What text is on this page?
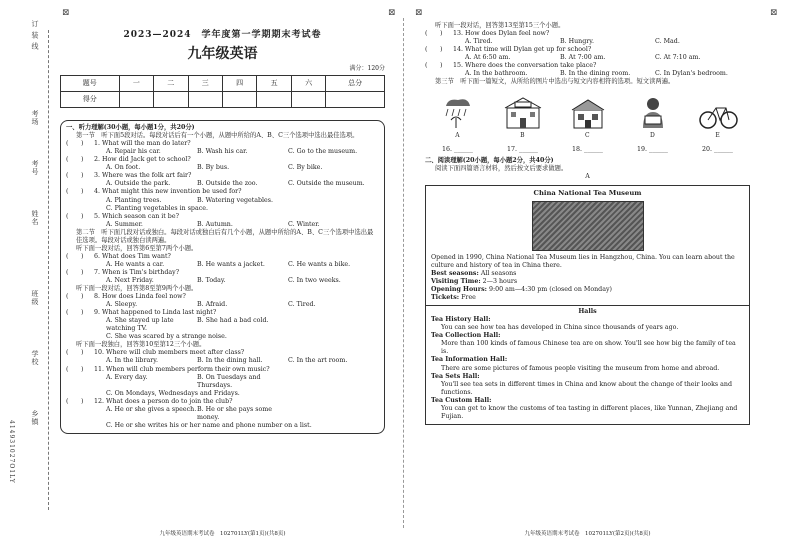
订 装 线
考场
考号
姓名
班级
学校
乡镇
414931027O1LY
⊠	⊠ ⊠	⊠
2023—2024　学年度第一学期期末考试卷
九年级英语
满分：120分
题号	一	二	三	四	五	六	总分
得分							
一、听力理解(30小题，每小题1分，共20分)
第一节　听下面5段对话。每段对话后有一个小题，从题中所给的A、B、C三个选项中选出最佳选项。
(　　)	1. What will the man do later?
A. Repair his car.	B. Wash his car.	C. Go to the museum.
(　　)	2. How did Jack get to school?
A. On foot.	B. By bus.	C. By bike.
(　　)	3. Where was the folk art fair?
A. Outside the park.	B. Outside the zoo.	C. Outside the museum.
(　　)	4. What might this new invention be used for?
A. Planting trees.	B. Watering vegetables.
C. Planting vegetables in space.
(　　)	5. Which season can it be?
A. Summer.	B. Autumn.	C. Winter.
第二节　听下面几段对话或独白。每段对话或独白后有几个小题，从题中所给的A、B、C三个选项中选出最佳选项。每段对话或独白读两遍。
听下面一段对话，回答第6至第7两个小题。
(　　)	6. What does Tim want?
A. He wants a car.	B. He wants a jacket.	C. He wants a bike.
(　　)	7. When is Tim's birthday?
A. Next Friday.	B. Today.	C. In two weeks.
听下面一段对话，回答第8至第9两个小题。
(　　)	8. How does Linda feel now?
A. Sleepy.	B. Afraid.	C. Tired.
(　　)	9. What happened to Linda last night?
A. She stayed up late watching TV.
B. She had a bad cold.
C. She was scared by a strange noise.
听下面一段独白，回答第10至第12三个小题。
(　　)	10. Where will club members meet after class?
A. In the library.	B. In the dining hall.	C. In the art room.
(　　)	11. When will club members perform their own music?
A. Every day.	B. On Tuesdays and Thursdays.
C. On Mondays, Wednesdays and Fridays.
(　　)	12. What does a person do to join the club?
A. He or she gives a speech. B. He or she pays some money.
C. He or she writes his or her name and phone number on a list.
九年级英语期末考试卷　102701LY(第1页)(共8页)
听下面一段对话，回答第13至第15三个小题。
(　　)	13. How does Dylan feel now?
A. Tired.	B. Hungry.	C. Mad.
(　　)	14. What time will Dylan get up for school?
A. At 6:50 am.	B. At 7:00 am.	C. At 7:10 am.
(　　)	15. Where does the conversation take place?
A. In the bathroom.	B. In the dining room.	C. In Dylan's bedroom.
第三节　听下面一篇短文，从所给的图片中选出与短文内容相符的选项。短文读两遍。
A	B	C	D	E
16. ______	17. ______	18. ______	19. ______	20. ______
二、阅读理解(20小题，每小题2分，共40分)
阅读下面四篇语言材料，然后按文后要求做题。
A
China National Tea Museum
Opened in 1990, China National Tea Museum lies in Hangzhou, China. You can learn about the culture and history of tea in China there.
Best seasons: All seasons
Visiting Time: 2—3 hours
Opening Hours: 9:00 am—4:30 pm (closed on Monday)
Tickets: Free
Halls
Tea History Hall:
You can see how tea has developed in China since thousands of years ago.
Tea Collection Hall:
More than 100 kinds of famous Chinese tea are on show. You'll see how big the family of tea is.
Tea Information Hall:
There are some pictures of famous people visiting the museum from home and abroad.
Tea Sets Hall:
You'll see tea sets in different times in China and know about the change of their looks and functions.
Tea Custom Hall:
You can get to know the customs of tea tasting in different places, like Yunnan, Zhejiang and Fujian.
九年级英语期末考试卷　102701LY(第2页)(共8页)
